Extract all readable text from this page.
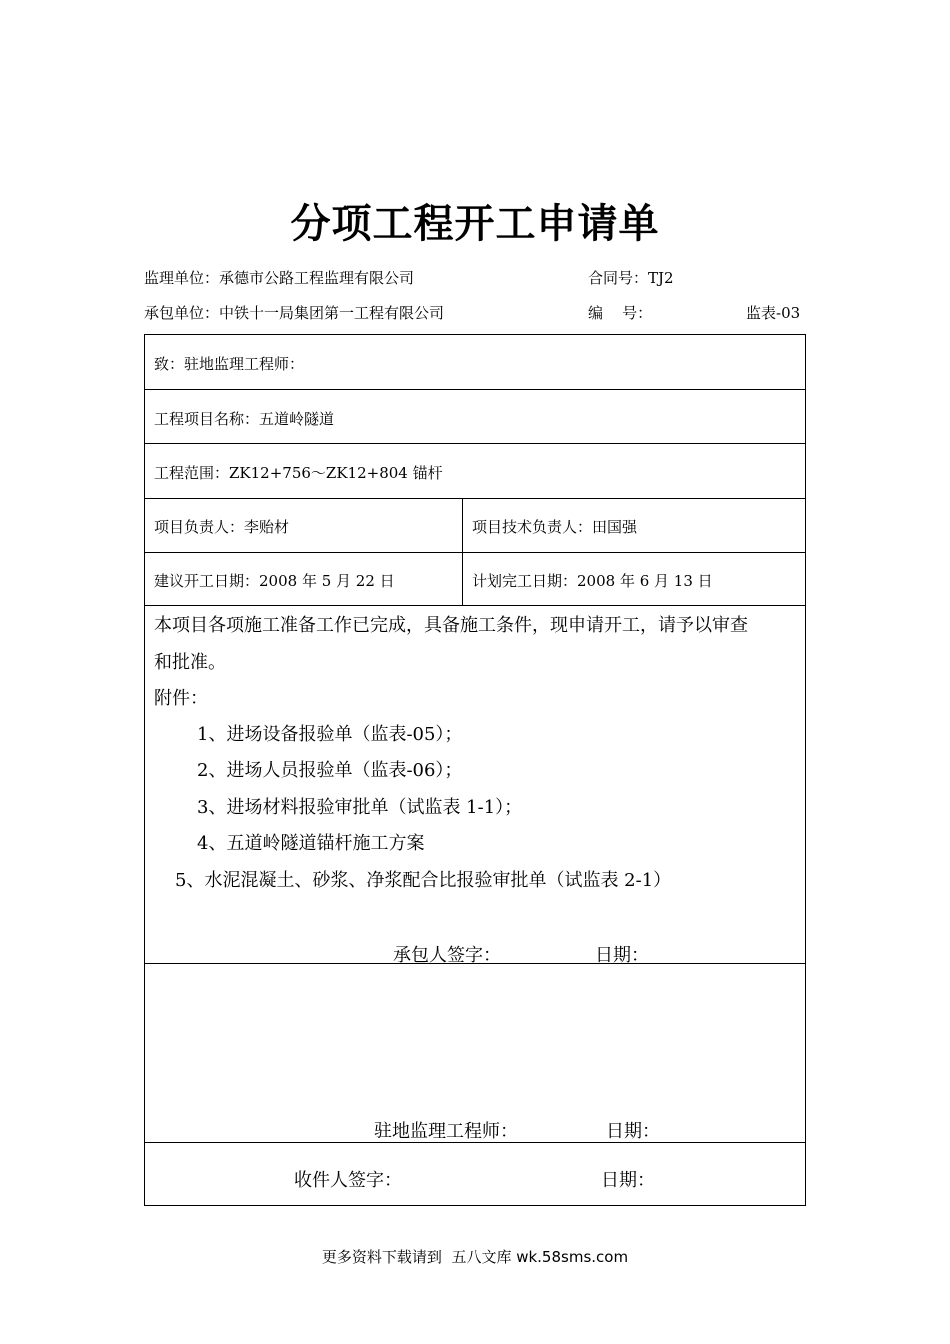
分项工程开工申请单
监理单位：承德市公路工程监理有限公司	合同号：TJ2
承包单位：中铁十一局集团第一工程有限公司	编    号：	监表-03
致：驻地监理工程师：
工程项目名称：五道岭隧道
工程范围：ZK12+756～ZK12+804 锚杆
项目负责人：李贻材	项目技术负责人：田国强
建议开工日期：2008 年 5 月 22 日	计划完工日期：2008 年 6 月 13 日
本项目各项施工准备工作已完成，具备施工条件，现申请开工，请予以审查
和批准。
附件：
1、进场设备报验单（监表-05）；
2、进场人员报验单（监表-06）；
3、进场材料报验审批单（试监表 1-1）；
4、五道岭隧道锚杆施工方案
5、水泥混凝土、砂浆、净浆配合比报验审批单（试监表 2-1）
承包人签字：	日期：
驻地监理工程师：	日期：
收件人签字：	日期：
更多资料下载请到  五八文库 wk.58sms.com
